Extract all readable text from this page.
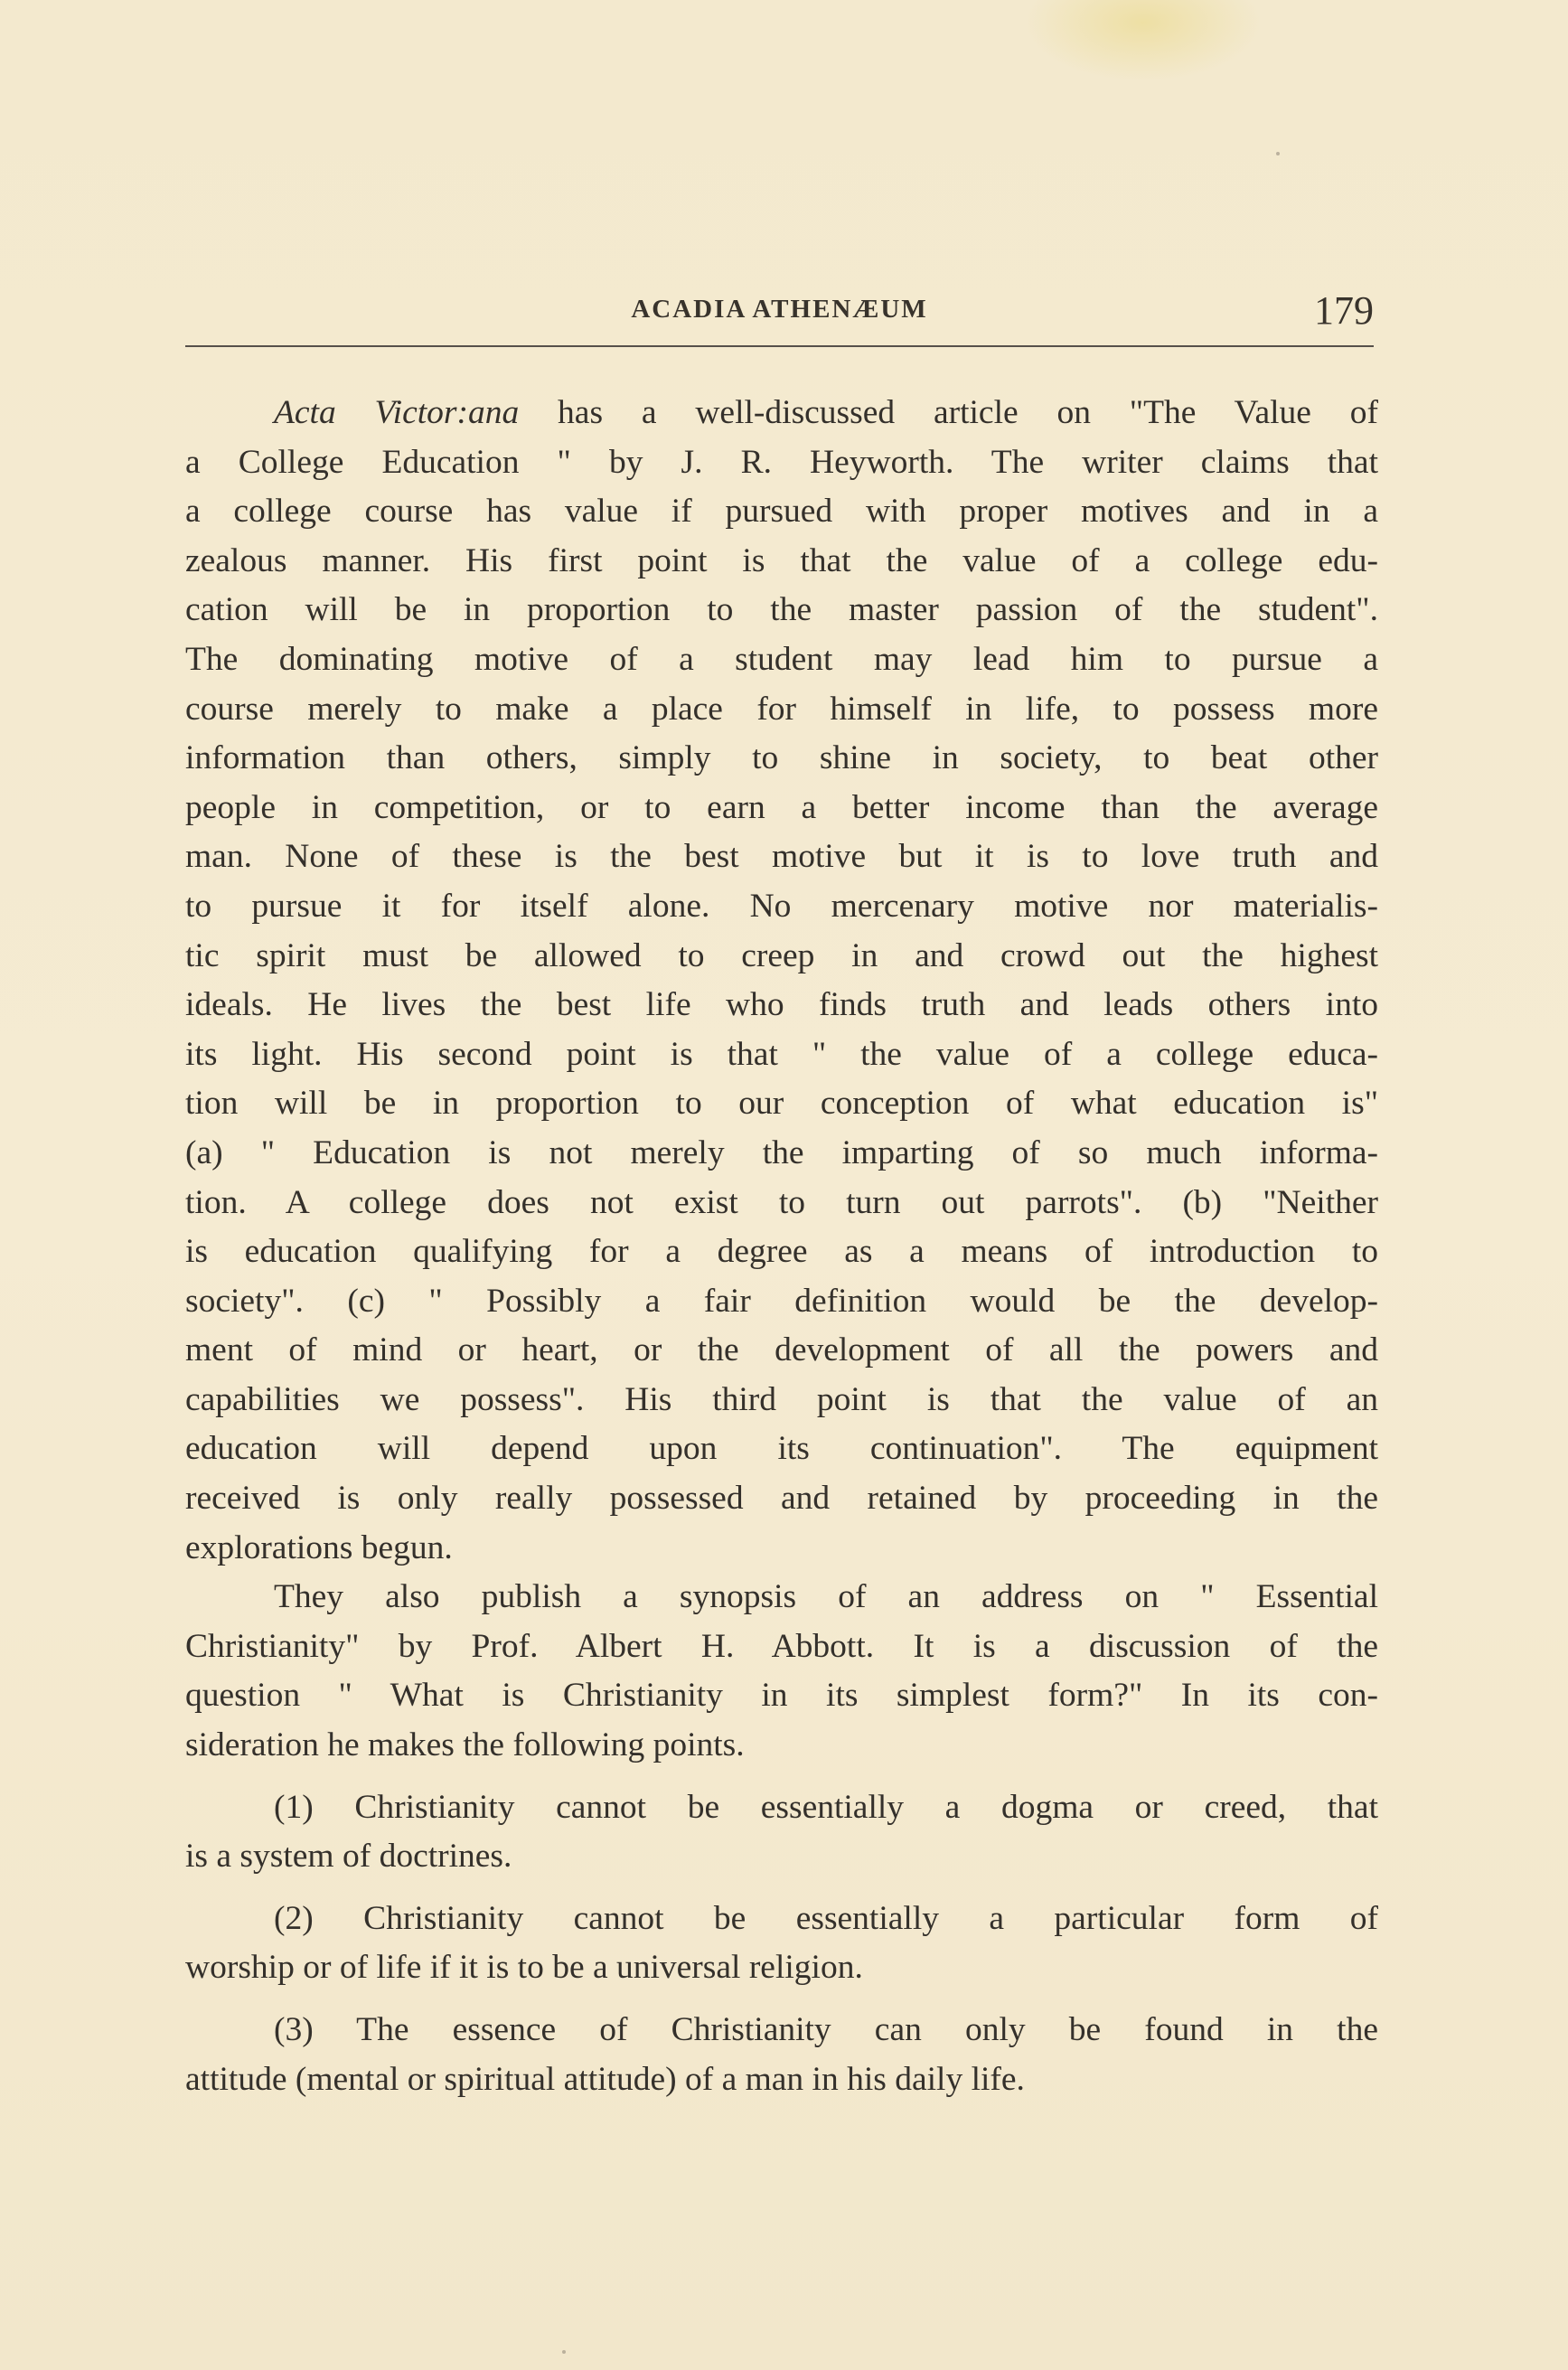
ACADIA ATHENÆUM	179
Acta Victor:ana has a well-discussed article on "The Value of
a College Education " by J. R. Heyworth. The writer claims that
a college course has value if pursued with proper motives and in a
zealous manner. His first point is that the value of a college edu-
cation will be in proportion to the master passion of the student".
The dominating motive of a student may lead him to pursue a
course merely to make a place for himself in life, to possess more
information than others, simply to shine in society, to beat other
people in competition, or to earn a better income than the average
man. None of these is the best motive but it is to love truth and
to pursue it for itself alone. No mercenary motive nor materialis-
tic spirit must be allowed to creep in and crowd out the highest
ideals. He lives the best life who finds truth and leads others into
its light. His second point is that " the value of a college educa-
tion will be in proportion to our conception of what education is"
(a) " Education is not merely the imparting of so much informa-
tion. A college does not exist to turn out parrots". (b) "Neither
is education qualifying for a degree as a means of introduction to
society". (c) " Possibly a fair definition would be the develop-
ment of mind or heart, or the development of all the powers and
capabilities we possess". His third point is that the value of an
education will depend upon its continuation". The equipment
received is only really possessed and retained by proceeding in the
explorations begun.
They also publish a synopsis of an address on " Essential
Christianity" by Prof. Albert H. Abbott. It is a discussion of the
question " What is Christianity in its simplest form?" In its con-
sideration he makes the following points.
(1) Christianity cannot be essentially a dogma or creed, that
is a system of doctrines.
(2) Christianity cannot be essentially a particular form of
worship or of life if it is to be a universal religion.
(3) The essence of Christianity can only be found in the
attitude (mental or spiritual attitude) of a man in his daily life.
